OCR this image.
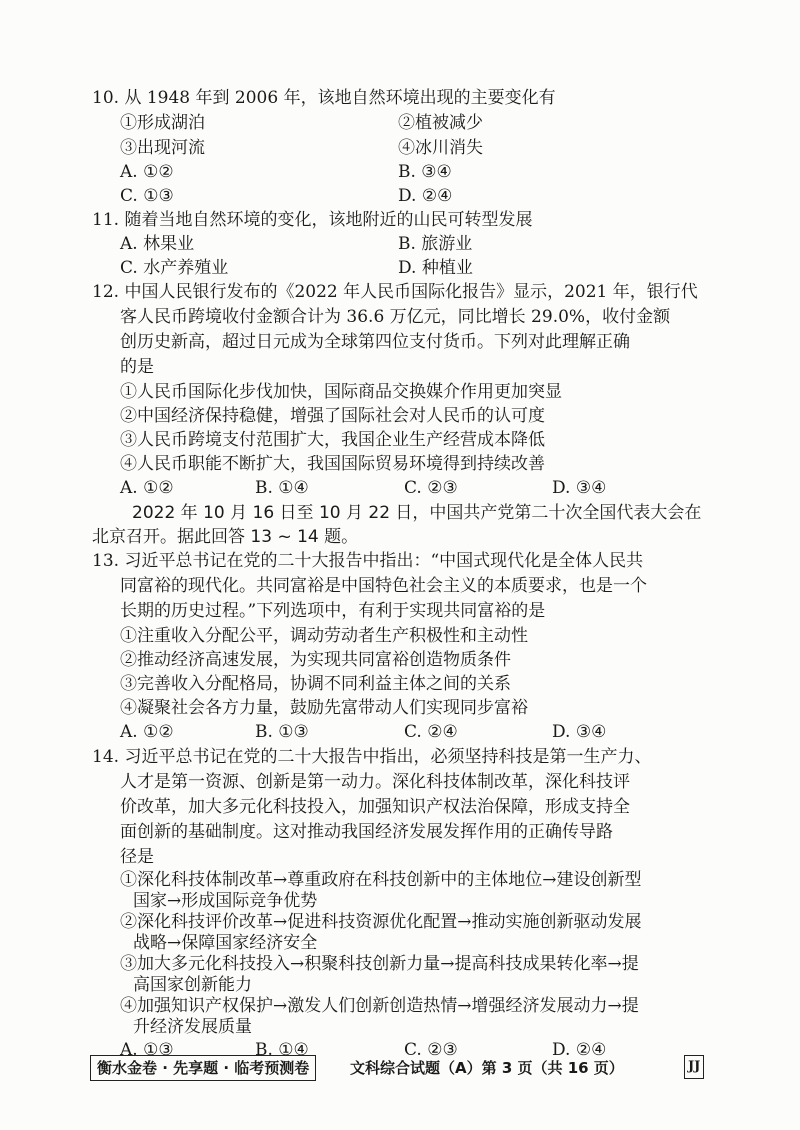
10. 从 1948 年到 2006 年，该地自然环境出现的主要变化有
①形成湖泊	②植被减少
③出现河流	④冰川消失
A. ①②	B. ③④
C. ①③	D. ②④
11. 随着当地自然环境的变化，该地附近的山民可转型发展
A. 林果业	B. 旅游业
C. 水产养殖业	D. 种植业
12. 中国人民银行发布的《2022 年人民币国际化报告》显示，2021 年，银行代
客人民币跨境收付金额合计为 36.6 万亿元，同比增长 29.0%，收付金额
创历史新高，超过日元成为全球第四位支付货币。下列对此理解正确
的是
①人民币国际化步伐加快，国际商品交换媒介作用更加突显
②中国经济保持稳健，增强了国际社会对人民币的认可度
③人民币跨境支付范围扩大，我国企业生产经营成本降低
④人民币职能不断扩大，我国国际贸易环境得到持续改善
A. ①②	B. ①④	C. ②③	D. ③④
2022 年 10 月 16 日至 10 月 22 日，中国共产党第二十次全国代表大会在
北京召开。据此回答 13 ~ 14 题。
13. 习近平总书记在党的二十大报告中指出：“中国式现代化是全体人民共
同富裕的现代化。共同富裕是中国特色社会主义的本质要求，也是一个
长期的历史过程。”下列选项中，有利于实现共同富裕的是
①注重收入分配公平，调动劳动者生产积极性和主动性
②推动经济高速发展，为实现共同富裕创造物质条件
③完善收入分配格局，协调不同利益主体之间的关系
④凝聚社会各方力量，鼓励先富带动人们实现同步富裕
A. ①②	B. ①③	C. ②④	D. ③④
14. 习近平总书记在党的二十大报告中指出，必须坚持科技是第一生产力、
人才是第一资源、创新是第一动力。深化科技体制改革，深化科技评
价改革，加大多元化科技投入，加强知识产权法治保障，形成支持全
面创新的基础制度。这对推动我国经济发展发挥作用的正确传导路
径是
①深化科技体制改革→尊重政府在科技创新中的主体地位→建设创新型
国家→形成国际竞争优势
②深化科技评价改革→促进科技资源优化配置→推动实施创新驱动发展
战略→保障国家经济安全
③加大多元化科技投入→积聚科技创新力量→提高科技成果转化率→提
高国家创新能力
④加强知识产权保护→激发人们创新创造热情→增强经济发展动力→提
升经济发展质量
衡水金卷 · 先享题 · 临考预测卷	文科综合试题（A）第 3 页（共 16 页）	JJ
A. ①③	B. ①④	C. ②③	D. ②④
